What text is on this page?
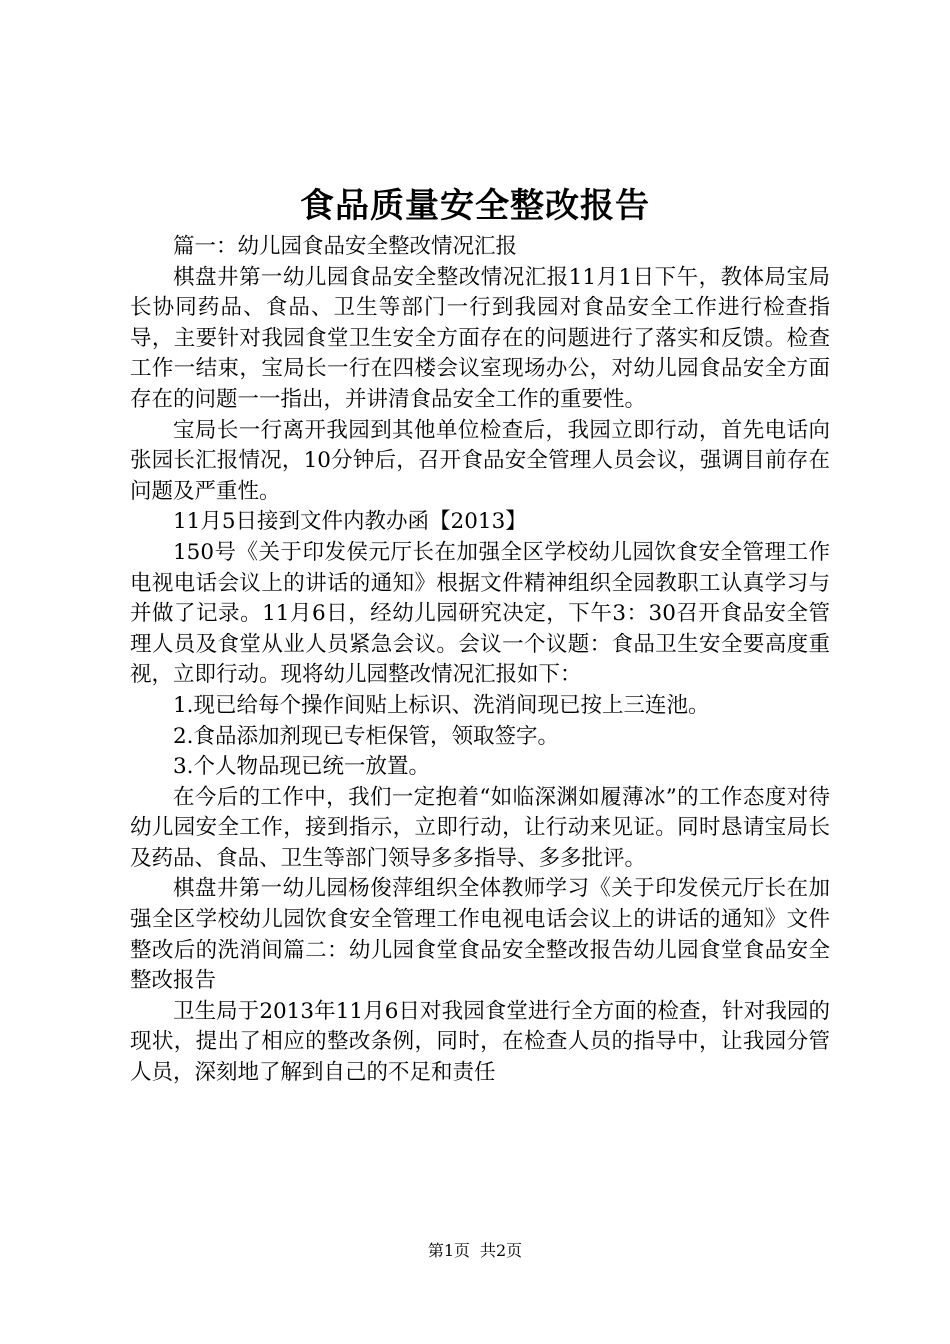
食品质量安全整改报告

篇一：幼儿园食品安全整改情况汇报

棋盘井第一幼儿园食品安全整改情况汇报11月1日下午，教体局宝局长协同药品、食品、卫生等部门一行到我园对食品安全工作进行检查指导，主要针对我园食堂卫生安全方面存在的问题进行了落实和反馈。检查工作一结束，宝局长一行在四楼会议室现场办公，对幼儿园食品安全方面存在的问题一一指出，并讲清食品安全工作的重要性。

宝局长一行离开我园到其他单位检查后，我园立即行动，首先电话向张园长汇报情况，10分钟后，召开食品安全管理人员会议，强调目前存在问题及严重性。

11月5日接到文件内教办函【2013】

150号《关于印发侯元厅长在加强全区学校幼儿园饮食安全管理工作电视电话会议上的讲话的通知》根据文件精神组织全园教职工认真学习与并做了记录。11月6日，经幼儿园研究决定，下午3：30召开食品安全管理人员及食堂从业人员紧急会议。会议一个议题：食品卫生安全要高度重视，立即行动。现将幼儿园整改情况汇报如下：

1.现已给每个操作间贴上标识、洗消间现已按上三连池。

2.食品添加剂现已专柜保管，领取签字。

3.个人物品现已统一放置。

在今后的工作中，我们一定抱着“如临深渊如履薄冰”的工作态度对待幼儿园安全工作，接到指示，立即行动，让行动来见证。同时恳请宝局长及药品、食品、卫生等部门领导多多指导、多多批评。

棋盘井第一幼儿园杨俊萍组织全体教师学习《关于印发侯元厅长在加强全区学校幼儿园饮食安全管理工作电视电话会议上的讲话的通知》文件整改后的洗消间篇二：幼儿园食堂食品安全整改报告幼儿园食堂食品安全整改报告

卫生局于2013年11月6日对我园食堂进行全方面的检查，针对我园的现状，提出了相应的整改条例，同时，在检查人员的指导中，让我园分管人员，深刻地了解到自己的不足和责任

第1页 共2页
